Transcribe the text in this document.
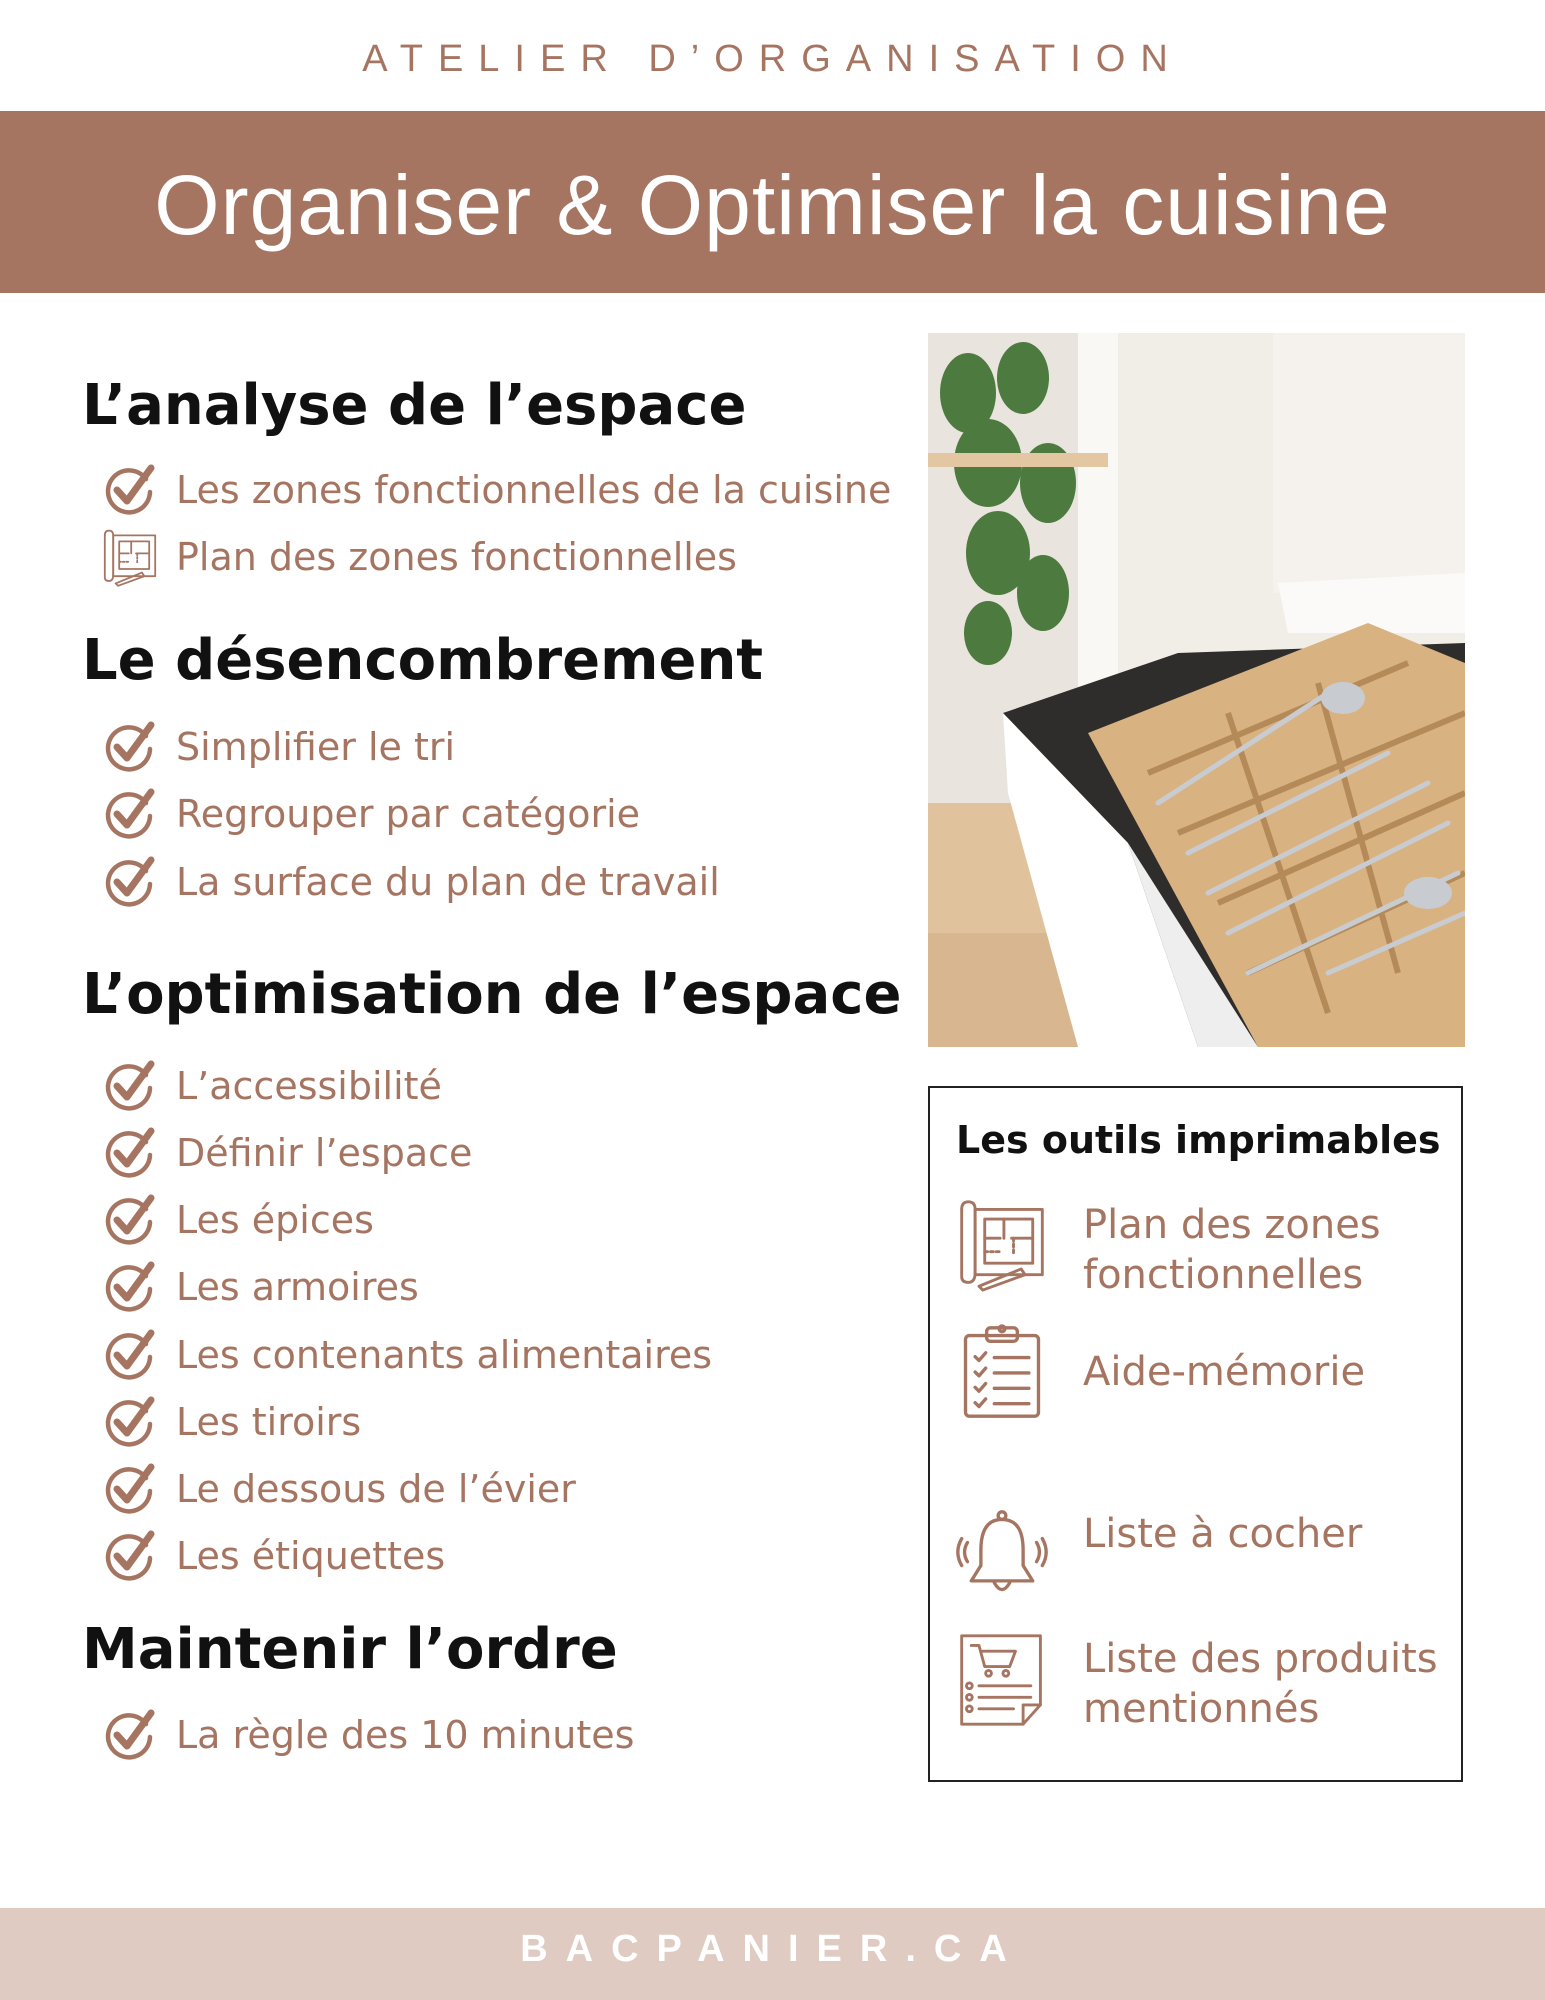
ATELIER D’ORGANISATION
Organiser & Optimiser la cuisine
L’analyse de l’espace
Les zones fonctionnelles de la cuisine
Plan des zones fonctionnelles
Le désencombrement
Simplifier le tri
Regrouper par catégorie
La surface du plan de travail
L’optimisation de l’espace
L’accessibilité
Définir l’espace
Les épices
Les armoires
Les contenants alimentaires
Les tiroirs
Le dessous de l’évier
Les étiquettes
Maintenir l’ordre
La règle des 10 minutes
Les outils imprimables
Plan des zones
fonctionnelles
Aide-mémorie
Liste à cocher
Liste des produits
mentionnés
BACPANIER.CA
